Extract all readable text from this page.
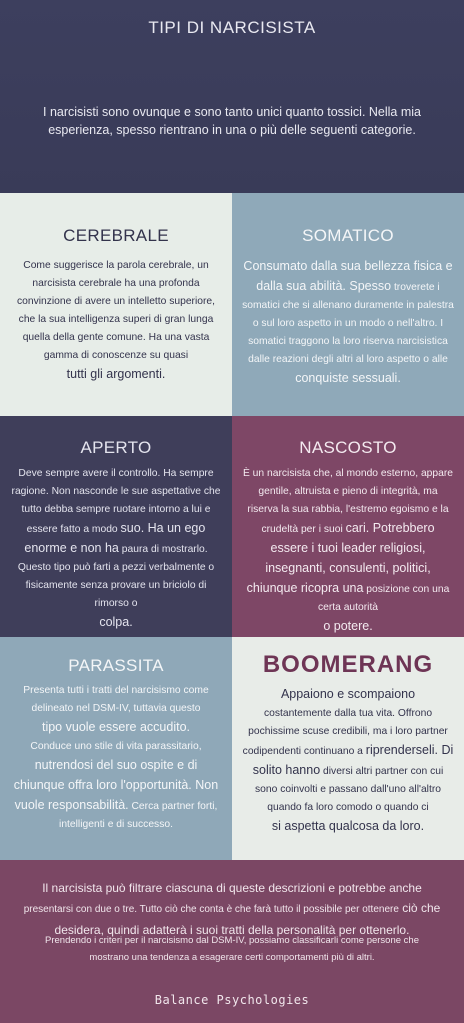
TIPI DI NARCISISTA
I narcisisti sono ovunque e sono tanto unici quanto tossici. Nella mia esperienza, spesso rientrano in una o più delle seguenti categorie.
CEREBRALE
Come suggerisce la parola cerebrale, un narcisista cerebrale ha una profonda convinzione di avere un intelletto superiore, che la sua intelligenza superi di gran lunga quella della gente comune. Ha una vasta gamma di conoscenze su quasi
tutti gli argomenti.
SOMATICO
Consumato dalla sua bellezza fisica e dalla sua abilità. Spesso troverete i somatici che si allenano duramente in palestra o sul loro aspetto in un modo o nell'altro. I somatici traggono la loro riserva narcisistica dalle reazioni degli altri al loro aspetto o alle
conquiste sessuali.
APERTO
Deve sempre avere il controllo. Ha sempre ragione. Non nasconde le sue aspettative che tutto debba sempre ruotare intorno a lui e essere fatto a modo suo. Ha un ego enorme e non ha paura di mostrarlo. Questo tipo può farti a pezzi verbalmente o fisicamente senza provare un briciolo di rimorso o
colpa.
NASCOSTO
È un narcisista che, al mondo esterno, appare gentile, altruista e pieno di integrità, ma riserva la sua rabbia, l'estremo egoismo e la crudeltà per i suoi cari. Potrebbero essere i tuoi leader religiosi, insegnanti, consulenti, politici, chiunque ricopra una posizione con una certa autorità
o potere.
PARASSITA
Presenta tutti i tratti del narcisismo come delineato nel DSM-IV, tuttavia questo
tipo vuole essere accudito.
Conduce uno stile di vita parassitario, nutrendosi del suo ospite e di chiunque offra loro l'opportunità. Non vuole responsabilità. Cerca partner forti, intelligenti e di successo.
BOOMERANG
Appaiono e scompaiono
costantemente dalla tua vita. Offrono pochissime scuse credibili, ma i loro partner codipendenti continuano a riprenderseli. Di solito hanno diversi altri partner con cui sono coinvolti e passano dall'uno all'altro quando fa loro comodo o quando ci
si aspetta qualcosa da loro.
Il narcisista può filtrare ciascuna di queste descrizioni e potrebbe anche presentarsi con due o tre. Tutto ciò che conta è che farà tutto il possibile per ottenere ciò che desidera, quindi adatterà i suoi tratti della personalità per ottenerlo.
Prendendo i criteri per il narcisismo dal DSM-IV, possiamo classificarli come persone che mostrano una tendenza a esagerare certi comportamenti più di altri.
Balance Psychologies
